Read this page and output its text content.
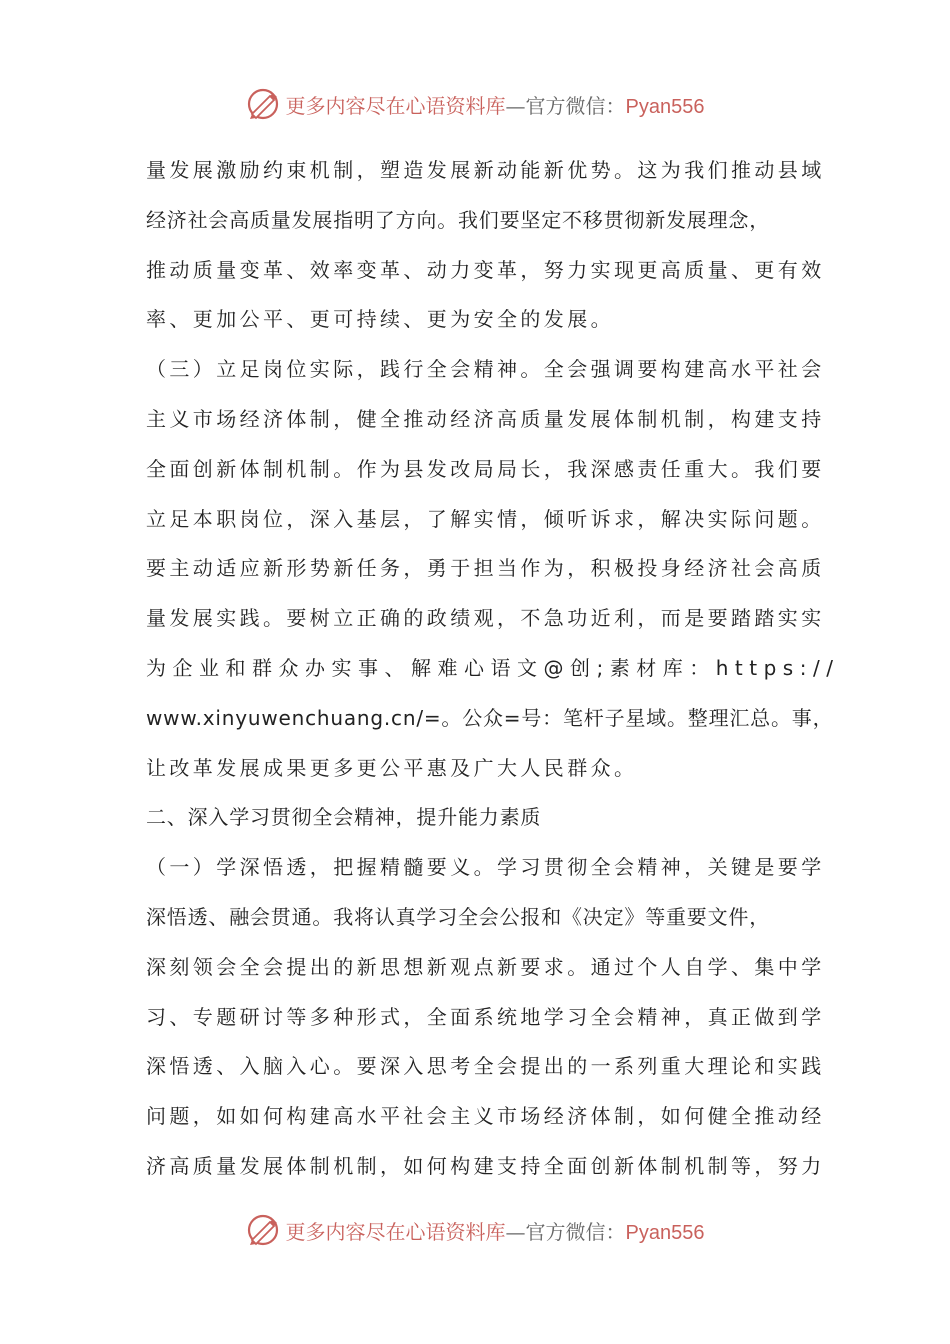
更多内容尽在心语资料库—官方微信：Pyan556
量发展激励约束机制，塑造发展新动能新优势。这为我们推动县域
经济社会高质量发展指明了方向。我们要坚定不移贯彻新发展理念，
推动质量变革、效率变革、动力变革，努力实现更高质量、更有效
率、更加公平、更可持续、更为安全的发展。
（三）立足岗位实际，践行全会精神。全会强调要构建高水平社会
主义市场经济体制，健全推动经济高质量发展体制机制，构建支持
全面创新体制机制。作为县发改局局长，我深感责任重大。我们要
立足本职岗位，深入基层，了解实情，倾听诉求，解决实际问题。
要主动适应新形势新任务，勇于担当作为，积极投身经济社会高质
量发展实践。要树立正确的政绩观，不急功近利，而是要踏踏实实
为企业和群众办实事、解难心语文@创;素材库：https://
www.xinyuwenchuang.cn/=。公众=号：笔杆子星域。整理汇总。事，
让改革发展成果更多更公平惠及广大人民群众。
二、深入学习贯彻全会精神，提升能力素质
（一）学深悟透，把握精髓要义。学习贯彻全会精神，关键是要学
深悟透、融会贯通。我将认真学习全会公报和《决定》等重要文件，
深刻领会全会提出的新思想新观点新要求。通过个人自学、集中学
习、专题研讨等多种形式，全面系统地学习全会精神，真正做到学
深悟透、入脑入心。要深入思考全会提出的一系列重大理论和实践
问题，如如何构建高水平社会主义市场经济体制，如何健全推动经
济高质量发展体制机制，如何构建支持全面创新体制机制等，努力
更多内容尽在心语资料库—官方微信：Pyan556
